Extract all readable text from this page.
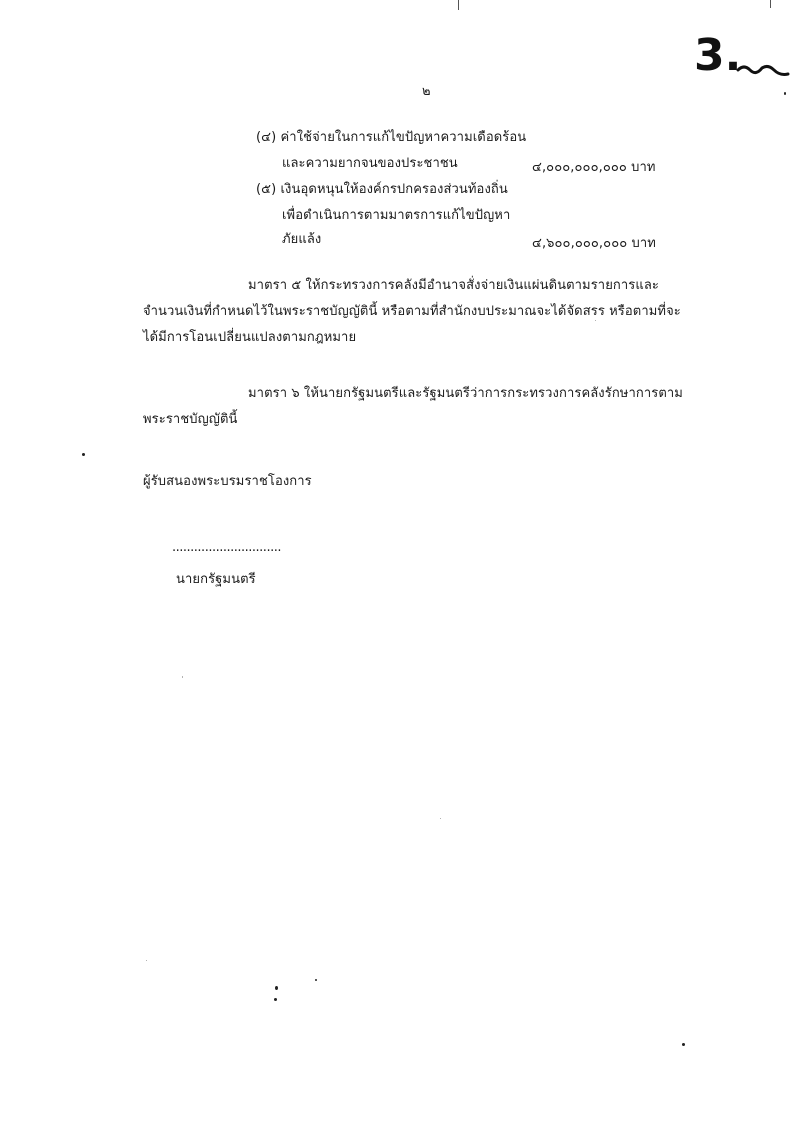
3.
๒
(๔) ค่าใช้จ่ายในการแก้ไขปัญหาความเดือดร้อน
และความยากจนของประชาชน	๔,๐๐๐,๐๐๐,๐๐๐ บาท
(๕) เงินอุดหนุนให้องค์กรปกครองส่วนท้องถิ่น
เพื่อดำเนินการตามมาตรการแก้ไขปัญหา
ภัยแล้ง	๔,๖๐๐,๐๐๐,๐๐๐ บาท
มาตรา ๕ ให้กระทรวงการคลังมีอำนาจสั่งจ่ายเงินแผ่นดินตามรายการและ
จำนวนเงินที่กำหนดไว้ในพระราชบัญญัตินี้ หรือตามที่สำนักงบประมาณจะได้จัดสรร หรือตามที่จะ
ได้มีการโอนเปลี่ยนแปลงตามกฎหมาย
มาตรา ๖ ให้นายกรัฐมนตรีและรัฐมนตรีว่าการกระทรวงการคลังรักษาการตาม
พระราชบัญญัตินี้
ผู้รับสนองพระบรมราชโองการ
..............................
นายกรัฐมนตรี
